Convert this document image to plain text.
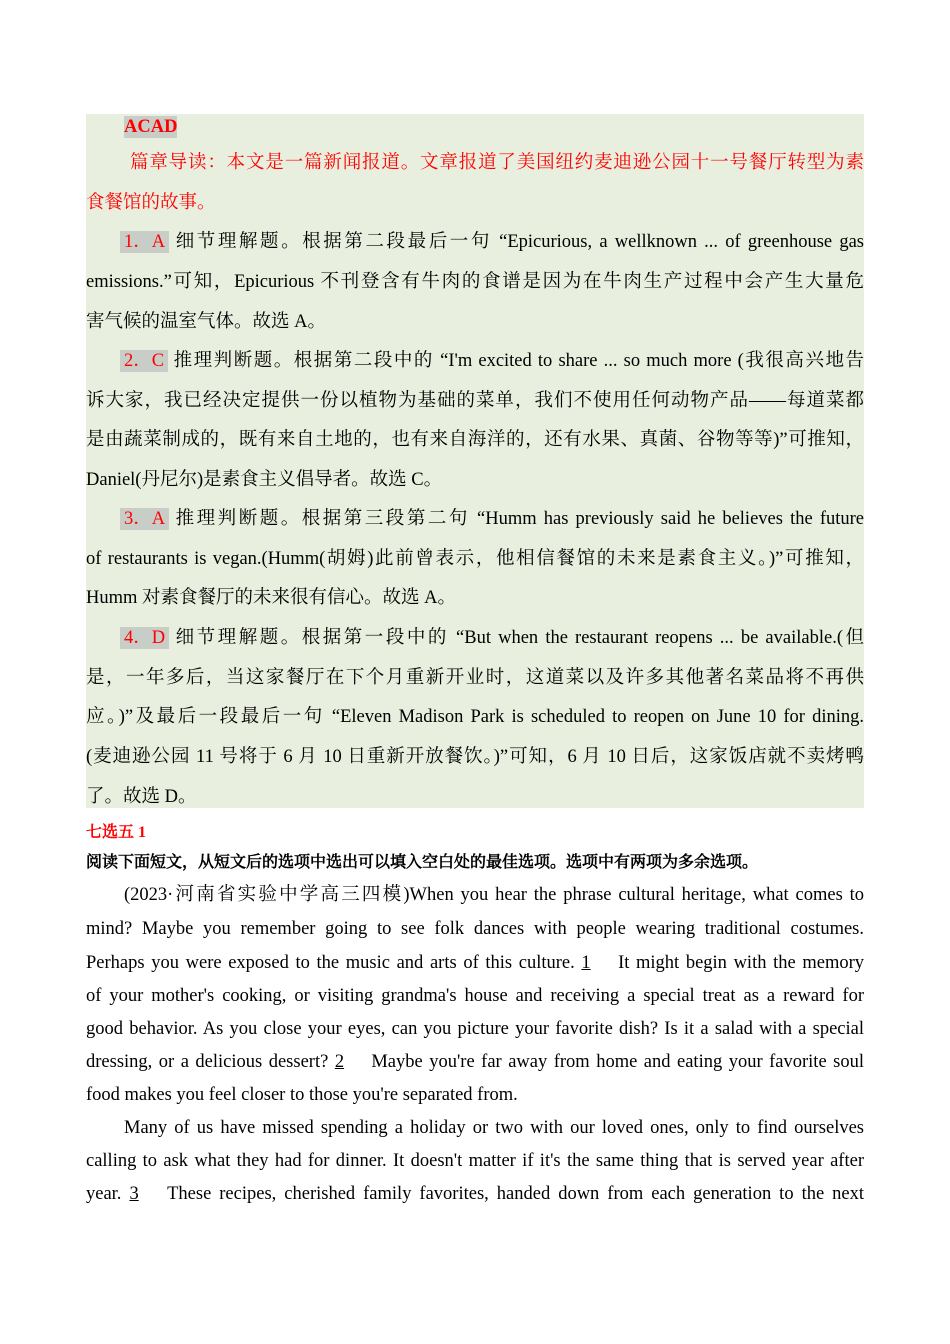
ACAD
篇章导读：本文是一篇新闻报道。文章报道了美国纽约麦迪逊公园十一号餐厅转型为素
食餐馆的故事。
1．A 细节理解题。根据第二段最后一句 “Epicurious, a wellknown ... of greenhouse gas
emissions.”可知，Epicurious 不刊登含有牛肉的食谱是因为在牛肉生产过程中会产生大量危
害气候的温室气体。故选 A。
2．C 推理判断题。根据第二段中的 “I'm excited to share ... so much more (我很高兴地告
诉大家，我已经决定提供一份以植物为基础的菜单，我们不使用任何动物产品——每道菜都
是由蔬菜制成的，既有来自土地的，也有来自海洋的，还有水果、真菌、谷物等等)”可推知，
Daniel(丹尼尔)是素食主义倡导者。故选 C。
3．A 推理判断题。根据第三段第二句 “Humm has previously said he believes the future
of restaurants is vegan.(Humm(胡姆)此前曾表示，他相信餐馆的未来是素食主义。)”可推知，
Humm 对素食餐厅的未来很有信心。故选 A。
4．D 细节理解题。根据第一段中的 “But when the restaurant reopens ... be available.(但
是，一年多后，当这家餐厅在下个月重新开业时，这道菜以及许多其他著名菜品将不再供
应。)”及最后一段最后一句 “Eleven Madison Park is scheduled to reopen on June 10 for dining.
(麦迪逊公园 11 号将于 6 月 10 日重新开放餐饮。)”可知，6 月 10 日后，这家饭店就不卖烤鸭
了。故选 D。
七选五 1
阅读下面短文，从短文后的选项中选出可以填入空白处的最佳选项。选项中有两项为多余选项。
(2023·河南省实验中学高三四模)When you hear the phrase cultural heritage, what comes to
mind? Maybe you remember going to see folk dances with people wearing traditional costumes.
Perhaps you were exposed to the music and arts of this culture. 1 It might begin with the memory
of your mother's cooking, or visiting grandma's house and receiving a special treat as a reward for
good behavior. As you close your eyes, can you picture your favorite dish? Is it a salad with a special
dressing, or a delicious dessert? 2 Maybe you're far away from home and eating your favorite soul
food makes you feel closer to those you're separated from.
Many of us have missed spending a holiday or two with our loved ones, only to find ourselves
calling to ask what they had for dinner. It doesn't matter if it's the same thing that is served year after
year. 3 These recipes, cherished family favorites, handed down from each generation to the next
